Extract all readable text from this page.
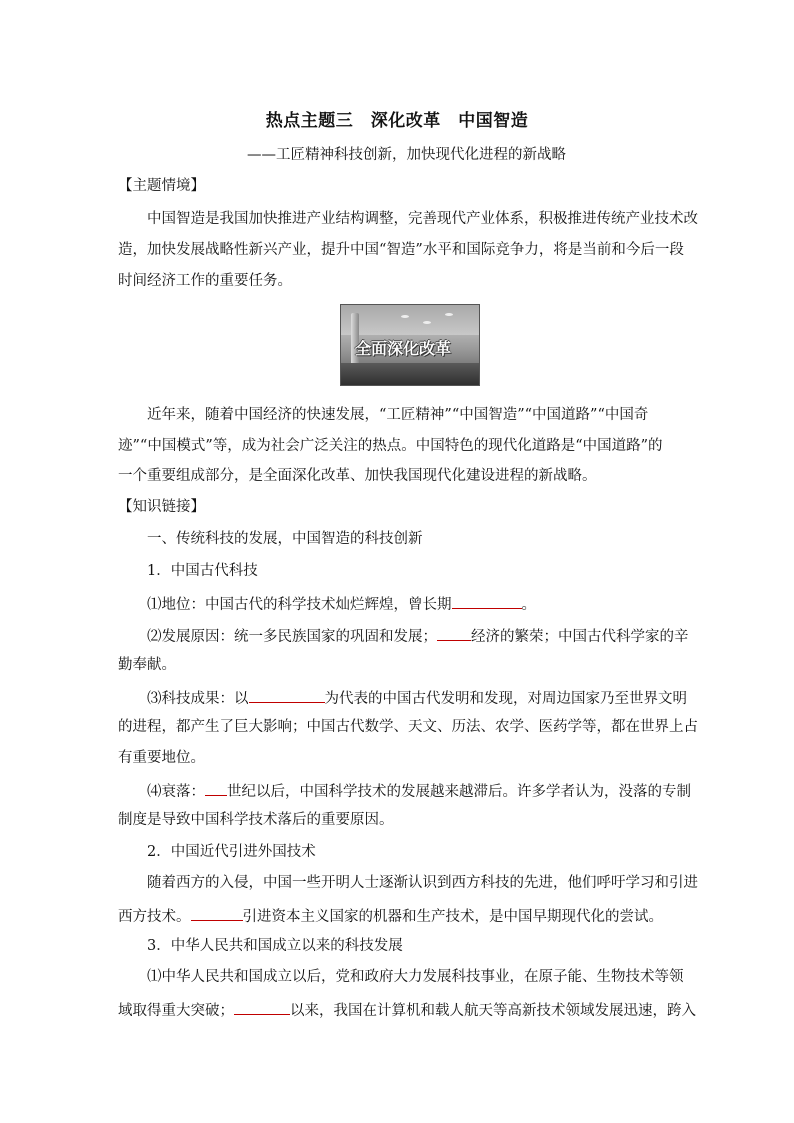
热点主题三　深化改革　中国智造
——工匠精神科技创新，加快现代化进程的新战略
【主题情境】
中国智造是我国加快推进产业结构调整，完善现代产业体系，积极推进传统产业技术改
造，加快发展战略性新兴产业，提升中国“智造”水平和国际竞争力，将是当前和今后一段
时间经济工作的重要任务。
全面深化改革
近年来，随着中国经济的快速发展，“工匠精神”“中国智造”“中国道路”“中国奇
迹”“中国模式”等，成为社会广泛关注的热点。中国特色的现代化道路是“中国道路”的
一个重要组成部分，是全面深化改革、加快我国现代化建设进程的新战略。
【知识链接】
一、传统科技的发展，中国智造的科技创新
1．中国古代科技
⑴地位：中国古代的科学技术灿烂辉煌，曾长期	。
⑵发展原因：统一多民族国家的巩固和发展； 经济的繁荣；中国古代科学家的辛
勤奉献。
⑶科技成果：以	为代表的中国古代发明和发现，对周边国家乃至世界文明
的进程，都产生了巨大影响；中国古代数学、天文、历法、农学、医药学等，都在世界上占
有重要地位。
⑷衰落： 世纪以后，中国科学技术的发展越来越滞后。许多学者认为，没落的专制
制度是导致中国科学技术落后的重要原因。
2．中国近代引进外国技术
随着西方的入侵，中国一些开明人士逐渐认识到西方科技的先进，他们呼吁学习和引进
西方技术。	引进资本主义国家的机器和生产技术，是中国早期现代化的尝试。
3．中华人民共和国成立以来的科技发展
⑴中华人民共和国成立以后，党和政府大力发展科技事业，在原子能、生物技术等领
域取得重大突破；	以来，我国在计算机和载人航天等高新技术领域发展迅速，跨入
